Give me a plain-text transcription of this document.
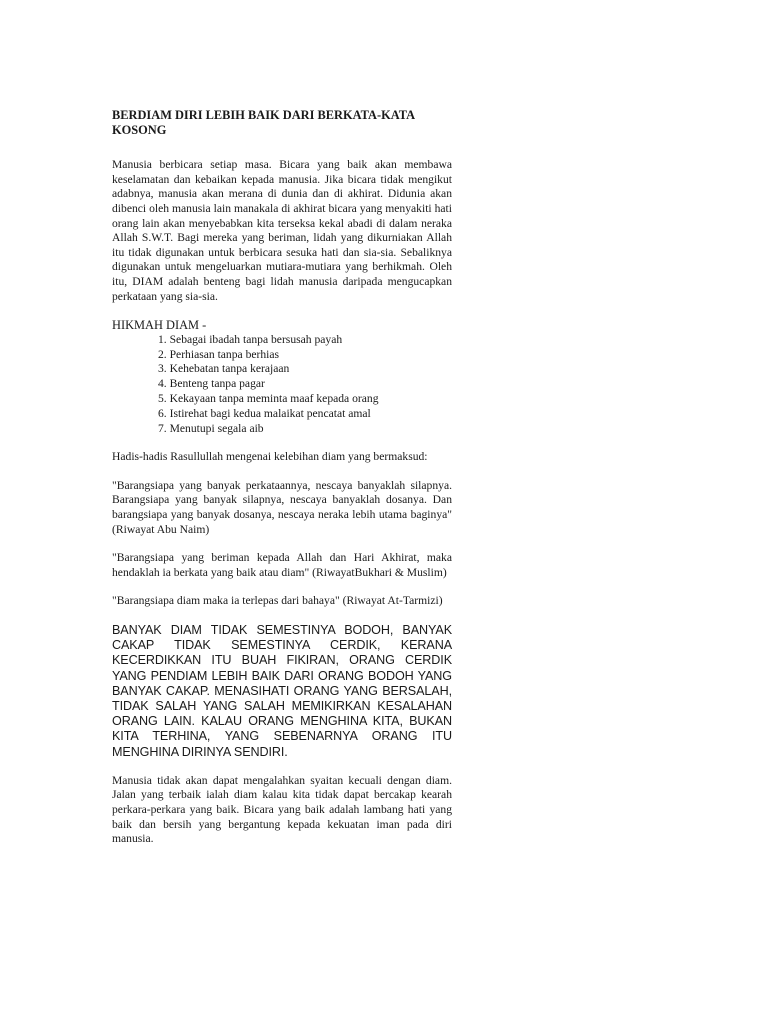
BERDIAM DIRI LEBIH BAIK DARI BERKATA-KATA KOSONG

Manusia berbicara setiap masa. Bicara yang baik akan membawa keselamatan dan kebaikan kepada manusia. Jika bicara tidak mengikut adabnya, manusia akan merana di dunia dan di akhirat. Didunia akan dibenci oleh manusia lain manakala di akhirat bicara yang menyakiti hati orang lain akan menyebabkan kita terseksa kekal abadi di dalam neraka Allah S.W.T. Bagi mereka yang beriman, lidah yang dikurniakan Allah itu tidak digunakan untuk berbicara sesuka hati dan sia-sia. Sebaliknya digunakan untuk mengeluarkan mutiara-mutiara yang berhikmah. Oleh itu, DIAM adalah benteng bagi lidah manusia daripada mengucapkan perkataan yang sia-sia.

HIKMAH DIAM -

1. Sebagai ibadah tanpa bersusah payah
2. Perhiasan tanpa berhias
3. Kehebatan tanpa kerajaan
4. Benteng tanpa pagar
5. Kekayaan tanpa meminta maaf kepada orang
6. Istirehat bagi kedua malaikat pencatat amal
7. Menutupi segala aib

Hadis-hadis Rasullullah mengenai kelebihan diam yang bermaksud:

"Barangsiapa yang banyak perkataannya, nescaya banyaklah silapnya. Barangsiapa yang banyak silapnya, nescaya banyaklah dosanya. Dan barangsiapa yang banyak dosanya, nescaya neraka lebih utama baginya" (Riwayat Abu Naim)

"Barangsiapa yang beriman kepada Allah dan Hari Akhirat, maka hendaklah ia berkata yang baik atau diam" (RiwayatBukhari & Muslim)

"Barangsiapa diam maka ia terlepas dari bahaya" (Riwayat At-Tarmizi)

BANYAK DIAM TIDAK SEMESTINYA BODOH, BANYAK CAKAP TIDAK SEMESTINYA CERDIK, KERANA KECERDIKKAN ITU BUAH FIKIRAN, ORANG CERDIK YANG PENDIAM LEBIH BAIK DARI ORANG BODOH YANG BANYAK CAKAP. MENASIHATI ORANG YANG BERSALAH, TIDAK SALAH YANG SALAH MEMIKIRKAN KESALAHAN ORANG LAIN. KALAU ORANG MENGHINA KITA, BUKAN KITA TERHINA, YANG SEBENARNYA ORANG ITU MENGHINA DIRINYA SENDIRI.

Manusia tidak akan dapat mengalahkan syaitan kecuali dengan diam. Jalan yang terbaik ialah diam kalau kita tidak dapat bercakap kearah perkara-perkara yang baik. Bicara yang baik adalah lambang hati yang baik dan bersih yang bergantung kepada kekuatan iman pada diri manusia.
